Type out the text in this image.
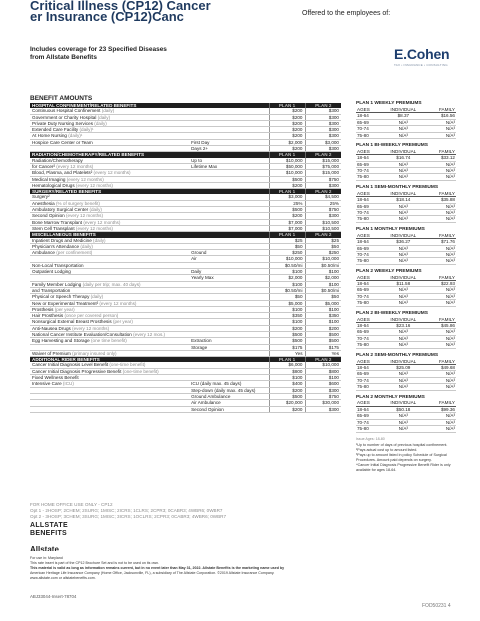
Critical Illness (CP12) Cancer
er Insurance (CP12)Canc
Includes coverage for 23 Specified Diseases
from Allstate Benefits
Offered to the employees of:
E.Cohen
TAX • INSURANCE • CONSULTING
BENEFIT AMOUNTS
HOSPITAL CONFINEMENT/RELATED BENEFITS		PLAN 1	PLAN 2
Continuous Hospital Confinement (daily)		$200	$300
Government or Charity Hospital (daily)		$200	$300
Private Duty Nursing Services (daily)		$200	$300
Extended Care Facility (daily)¹		$200	$300
At Home Nursing (daily)¹		$200	$300
Hospice Care Center or Team	First Day	$2,000	$3,000
	Days 2+	$200	$300
RADIATION/CHEMOTHERAPY/RELATED BENEFITS		PLAN 1	PLAN 2
Radiation/Chemotherapy	Up to	$10,000	$15,000
for Cancer² (every 12 months)	Lifetime Max	$50,000	$75,000
Blood, Plasma, and Platelets² (every 12 months)		$10,000	$15,000
Medical Imaging (every 12 months)		$500	$750
Hematological Drugs (every 12 months)		$200	$300
SURGERY/RELATED BENEFITS		PLAN 1	PLAN 2
Surgery²		$3,000	$4,500
Anesthesia (% of surgery benefit)		25%	25%
Ambulatory Surgical Center (daily)		$500	$750
Second Opinion (every 12 months)		$200	$300
Bone Marrow Transplant (every 12 months)		$7,000	$10,500
Stem Cell Transplant (every 12 months)		$7,000	$10,500
MISCELLANEOUS BENEFITS		PLAN 1	PLAN 2
Inpatient Drugs and Medicine (daily)		$25	$25
Physician's Attendance (daily)		$50	$50
Ambulance (per confinement)	Ground	$250	$250
	Air	$10,000	$10,000
Non-Local Transportation		$0.50/mi	$0.50/mi
Outpatient Lodging	Daily	$100	$100
	Yearly Max	$2,000	$2,000
Family Member Lodging (daily per trip; max. 40 days)		$100	$100
and Transportation		$0.50/mi	$0.50/mi
Physical or Speech Therapy (daily)		$50	$50
New or Experimental Treatment² (every 12 months)		$5,000	$5,000
Prosthesis (per year)		$100	$100
Hair Prosthesis (once per covered person)		$350	$350
Nonsurgical External Breast Prosthesis (per year)		$100	$100
Anti-Nausea Drugs (every 12 months)		$200	$200
National Cancer Institute Evaluation/Consultation (every 12 mos.)		$500	$500
Egg Harvesting and Storage (one time benefit)	Extraction	$500	$500
	Storage	$175	$175
Waiver of Premium (primary insured only)		Yes	Yes
ADDITIONAL RIDER BENEFITS		PLAN 1	PLAN 2
Cancer Initial Diagnosis Level Benefit (one-time benefit)		$6,000	$10,000
Cancer Initial Diagnosis Progressive Benefit (one-time benefit)		$800	$800
Fixed Wellness Benefit		$100	$100
Intensive Care (ICU)	ICU (daily max. 45 days)	$400	$600
	Step-down (daily max. 45 days)	$200	$300
	Ground Ambulance	$500	$750
	Air Ambulance	$20,000	$30,000
	Second Opinion	$200	$300
FOR HOME OFFICE USE ONLY - CP12
Opt 1 - 2HOSP; 2CHEM; 2SURG; 1MISC; 2ICRS; 1CLRS; 2CPR3; 0CABR3; 4WBR6; 0WBR7
Opt 2 - 3HOSP; 3CHEM; 3SURG; 1MISC; 3ICRS; 1OCLRS; 2CPR3; 0CABR3; 4WBR6; 0WBR7
ALLSTATE
BENEFITS
Allstate
For use in: Maryland
This rate insert is part of the CP12 Brochure Set and is not to be used on its own.
This material is valid as long as information remains current, but in no event later than May 31, 2022. Allstate Benefits is the marketing name used by
American Heritage Life Insurance Company (Home Office, Jacksonville, FL), a subsidiary of The Allstate Corporation. ©2019 Allstate Insurance Company.
www.allstate.com or allstatebenefits.com.
ABJ33044-Insert-78704
FOD50231 4
PLAN 1 WEEKLY PREMIUMS
AGES	INDIVIDUAL	FAMILY
18-64	$8.37	$16.56
65-69	N/A³	N/A³
70-74	N/A³	N/A³
75-80	N/A³	N/A³
PLAN 1 BI-WEEKLY PREMIUMS
AGES	INDIVIDUAL	FAMILY
18-64	$16.74	$33.12
65-69	N/A³	N/A³
70-74	N/A³	N/A³
75-80	N/A³	N/A³
PLAN 1 SEMI-MONTHLY PREMIUMS
AGES	INDIVIDUAL	FAMILY
18-64	$18.14	$35.88
65-69	N/A³	N/A³
70-74	N/A³	N/A³
75-80	N/A³	N/A³
PLAN 1 MONTHLY PREMIUMS
AGES	INDIVIDUAL	FAMILY
18-64	$36.27	$71.76
65-69	N/A³	N/A³
70-74	N/A³	N/A³
75-80	N/A³	N/A³
PLAN 2 WEEKLY PREMIUMS
AGES	INDIVIDUAL	FAMILY
18-64	$11.58	$22.93
65-69	N/A³	N/A³
70-74	N/A³	N/A³
75-80	N/A³	N/A³
PLAN 2 BI-WEEKLY PREMIUMS
AGES	INDIVIDUAL	FAMILY
18-64	$23.16	$45.86
65-69	N/A³	N/A³
70-74	N/A³	N/A³
75-80	N/A³	N/A³
PLAN 2 SEMI-MONTHLY PREMIUMS
AGES	INDIVIDUAL	FAMILY
18-64	$25.09	$49.68
65-69	N/A³	N/A³
70-74	N/A³	N/A³
75-80	N/A³	N/A³
PLAN 2 MONTHLY PREMIUMS
AGES	INDIVIDUAL	FAMILY
18-64	$50.18	$99.36
65-69	N/A³	N/A³
70-74	N/A³	N/A³
75-80	N/A³	N/A³
Issue Ages: 18-80
¹Up to number of days of previous hospital confinement.
²Pays actual cost up to amount listed.
³Pays up to amount listed in policy Schedule of Surgical
Procedures. Amount paid depends on surgery.
⁴Cancer Initial Diagnosis Progressive Benefit Rider is only
available for ages 18-64.
